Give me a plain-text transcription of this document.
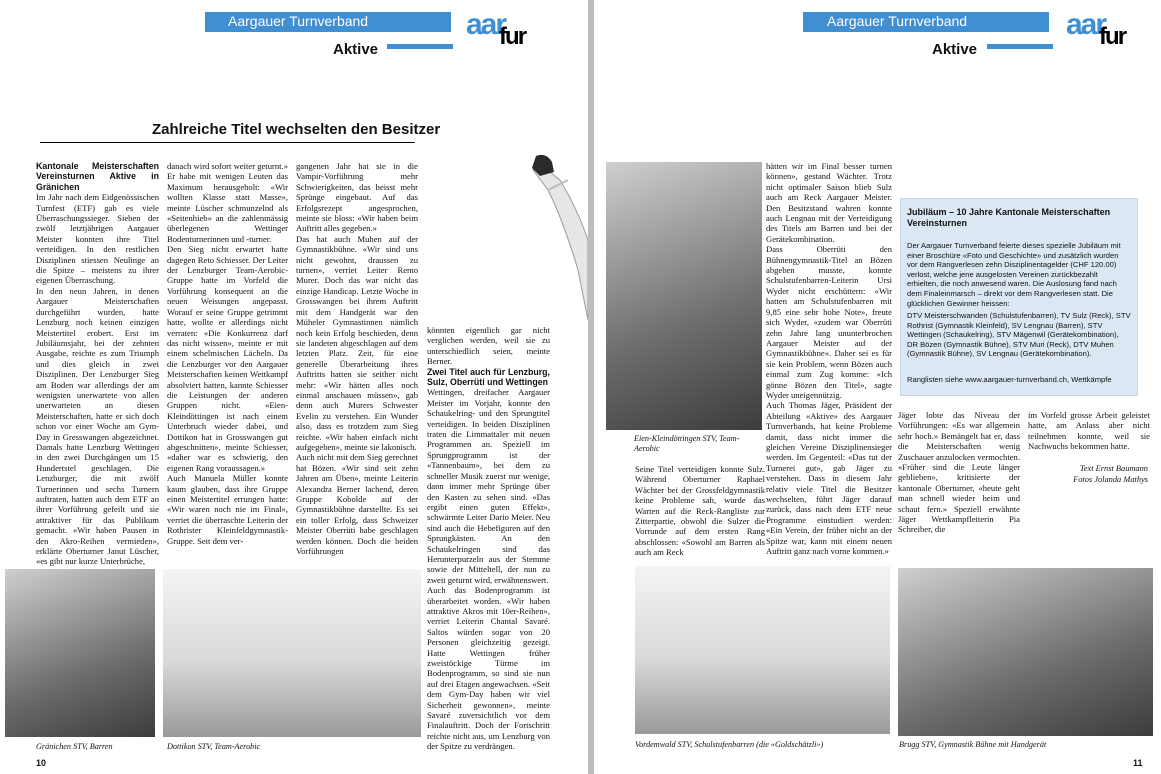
Aargauer Turnverband
Aktive
aar$_{fur}$
Zahlreiche Titel wechselten den Besitzer

Kantonale Meisterschaften Vereinsturnen Aktive in Gränichen

Im Jahr nach dem Eidgenössischen Turnfest (ETF) gab es viele Überraschungssieger. Sieben der zwölf letztjährigen Aargauer Meister konnten ihre Titel verteidigen. In den restlichen Disziplinen stiessen Neulinge an die Spitze – meistens zu ihrer eigenen Überraschung.

In den neun Jahren, in denen Aargauer Meisterschaften durchgeführt wurden, hatte Lenzburg noch keinen einzigen Meistertitel erobert. Erst im Jubiläumsjahr, bei der zehnten Ausgabe, reichte es zum Triumph und dies gleich in zwei Disziplinen. Der Lenzburger Sieg am Boden war allerdings der am wenigsten unerwartete von allen unerwarteten an diesen Meisterschaften, hatte er sich doch schon vor einer Woche am Gym-Day in Gresswangen abgezeichnet. Damals hatte Lenzburg Wettingen in den zwei Durchgängen um 15 Hundertstel geschlagen. Die Lenzburger, die mit zwölf Turnerinnen und sechs Turnern auftraten, hatten auch dem ETF an ihrer Vorführung gefeilt und sie attraktiver für das Publikum gemacht. «Wir haben Pausen in den Akro-Reihen vermieden», erklärte Oberturner Janut Lüscher, «es gibt nur kurze Unterbrüche,

danach wird sofort weiter geturnt.» Er habe mit wenigen Leuten das Maximum herausgeholt: «Wir wollten Klasse statt Masse», meinte Lüscher schmunzelnd als «Seitenhieb» an die zahlenmässig überlegenen Wettinger Bodenturnerinnen und -turner.

Den Sieg nicht erwartet hatte dagegen Reto Schiesser. Der Leiter der Lenzburger Team-Aerobic-Gruppe hatte im Vorfeld die Vorführung konsequent an die neuen Weisungen angepasst. Worauf er seine Gruppe getrimmt hatte, wollte er allerdings nicht verraten: «Die Konkurrenz darf das nicht wissen», meinte er mit einem schelmischen Lächeln. Da die Lenzburger vor den Aargauer Meisterschaften keinen Wettkampf absolviert hatten, kannte Schiesser die Leistungen der anderen Gruppen nicht. «Eien-Kleindöttingen ist nach einem Unterbruch wieder dabei, und Dottikon hat in Grosswangen gut abgeschnitten», meinte Schiesser, «daher war es schwierig, den eigenen Rang voraussagen.»

Auch Manuela Müller konnte kaum glauben, dass ihre Gruppe einen Meistertitel errungen hatte: «Wir waren noch nie im Final», verriet die überraschte Leiterin der Rothrister Kleinfeldgymnastik-Gruppe. Seit dem ver-

gangenen Jahr hat sie in die Vampir-Vorführung mehr Schwierigkeiten, das heisst mehr Sprünge eingebaut. Auf das Erfolgsrezept angesprochen, meinte sie bloss: «Wir haben beim Auftritt alles gegeben.»

Das hat auch Muhen auf der Gymnastikbühne. «Wir sind uns nicht gewohnt, draussen zu turnen», verriet Leiter Remo Murer. Doch das war nicht das einzige Handicap. Letzte Woche in Grosswangen bei ihrem Auftritt mit dem Handgerät war den Müheler Gymnastinnen nämlich noch kein Erfolg beschieden, denn sie landeten abgeschlagen auf dem letzten Platz. Zeit, für eine generelle Überarbeitung ihres Auftritts hatten sie seither nicht mehr: «Wir hätten alles noch einmal anschauen müssen», gab denn auch Murers Schwester Evelin zu verstehen. Ein Wunder also, dass es trotzdem zum Sieg reichte. «Wir haben einfach nicht aufgegeben», meinte sie lakonisch.

Auch nicht mit dem Sieg gerechnet hat Bözen. «Wir sind seit zehn Jahren am Üben», meinte Leiterin Alexandra Berner lachend, deren Gruppe Kobolde auf der Gymnastikbühne darstellte. Es sei ein toller Erfolg, dass Schweizer Meister Oberrüti habe geschlagen werden können. Doch die beiden Vorführungen

könnten eigentlich gar nicht verglichen werden, weil sie zu unterschiedlich seien, meinte Berner.

Zwei Titel auch für Lenzburg, Sulz, Oberrüti und Wettingen

Wettingen, dreifacher Aargauer Meister im Vorjahr, konnte den Schaukelring- und den Sprungtitel verteidigen. In beiden Disziplinen traten die Limmattaler mit neuen Programmen an. Speziell im Sprungprogramm ist der «Tannenbaum», bei dem zu schneller Musik zuerst nur wenige, dann immer mehr Sprünge über den Kasten zu sehen sind. «Das ergibt einen guten Effekt», schwärmte Leiter Dario Meier. Neu sind auch die Hebefiguren auf den Sprungkästen. An den Schaukelringen sind das Herunterpurzeln aus der Stemme sowie der Mitteltell, der nun zu zweit geturnt wird, erwähnenswert.

Auch das Bodenprogramm ist überarbeitet worden. «Wir haben attraktive Akros mit 10er-Reihen», verriet Leiterin Chantal Savaré. Saltos würden sogar von 20 Personen gleichzeitig gezeigt. Hatte Wettingen früher zweistöckige Türme im Bodenprogramm, so sind sie nun auf drei Etagen angewachsen. «Seit dem Gym-Day haben wir viel Sicherheit gewonnen», meinte Savaré zuversichtlich vor dem Finalauftritt. Doch der Fortschritt reichte nicht aus, um Lenzburg von der Spitze zu verdrängen.

Gränichen STV, Barren	Dottikon STV, Team-Aerobic
10
Aargauer Turnverband
Aktive
aar$_{fur}$
Eien-Kleindöttingen STV, Team-Aerobic

Seine Titel verteidigen konnte Sulz. Während Oberturner Raphael Wächter bei der Grossfeldgymnastik keine Probleme sah, wurde das Warten auf die Reck-Rangliste zur Zitterpartie, obwohl die Sulzer die Vorrunde auf dem ersten Rang abschlossen: «Sowohl am Barren als auch am Reck

hätten wir im Final besser turnen können», gestand Wächter. Trotz nicht optimaler Saison blieb Sulz auch am Reck Aargauer Meister. Den Besitzstand wahren konnte auch Lengnau mit der Verteidigung des Titels am Barren und bei der Gerätekombination.

Dass Oberrüti den Bühnengymnastik-Titel an Bözen abgeben musste, konnte Schulstufenbarren-Leiterin Ursi Wyder nicht erschüttern: «Wir hatten am Schulstufenbarren mit 9,85 eine sehr hohe Note», freute sich Wyder, «zudem war Oberrüti zehn Jahre lang ununterbrochen Aargauer Meister auf der Gymnastikbühne». Daher sei es für sie kein Problem, wenn Bözen auch einmal zum Zug komme: «Ich gönne Bözen den Titel», sagte Wyder uneigennützig.

Auch Thomas Jäger, Präsident der Abteilung «Aktive» des Aargauer Turnverbands, hat keine Probleme damit, dass nicht immer die gleichen Vereine Disziplinensieger werden. Im Gegenteil: «Das tut der Turnerei gut», gab Jäger zu verstehen. Dass in diesem Jahr relativ viele Titel die Besitzer wechselten, führt Jäger darauf zurück, dass nach dem ETF neue Programme einstudiert werden: «Ein Verein, der früher nicht an der Spitze war, kann mit einem neuen Auftritt ganz nach vorne kommen.»

Jubiläum – 10 Jahre Kantonale Meisterschaften Vereinsturnen
Der Aargauer Turnverband feierte dieses spezielle Jubiläum mit einer Broschüre «Foto und Geschichte» und zusätzlich wurden vor dem Rangverlesen zehn Disziplinentagelder (CHF 120.00) verlost, welche jene ausgelosten Vereinen zurückbezahlt erhielten, die noch anwesend waren. Die Auslosung fand nach dem Finaleinmarsch – direkt vor dem Rangverlesen statt. Die glücklichen Gewinner heissen:
DTV Meisterschwanden (Schulstufenbarren), TV Sulz (Reck), STV Rothrist (Gymnastik Kleinfeld), SV Lengnau (Barren), STV Wettingen (Schaukelring), STV Mägenwil (Gerätekombination), DR Bözen (Gymnastik Bühne), STV Muri (Reck), DTV Muhen (Gymnastik Bühne), SV Lengnau (Gerätekombination).
Ranglisten siehe www.aargauer-turnverband.ch, Wettkämpfe

Jäger lobte das Niveau der Vorführungen: «Es war allgemein sehr hoch.» Bemängelt hat er, dass die Meisterschaften wenig Zuschauer anzulocken vermochten. «Früher sind die Leute länger geblieben», kritisierte der kantonale Oberturner, «heute geht man schnell wieder heim und schaut fern.» Speziell erwähnte Jäger Wettkampfleiterin Pia Schreiber, die

im Vorfeld grosse Arbeit geleistet hatte, am Anlass aber nicht teilnehmen konnte, weil sie Nachwuchs bekommen hatte.

Text Ernst Baumann
Fotos Jolanda Mathys
Vordemwald STV, Schulstufenbarren (die «Goldschätzli»)	Brugg STV, Gymnastik Bühne mit Handgerät
11
